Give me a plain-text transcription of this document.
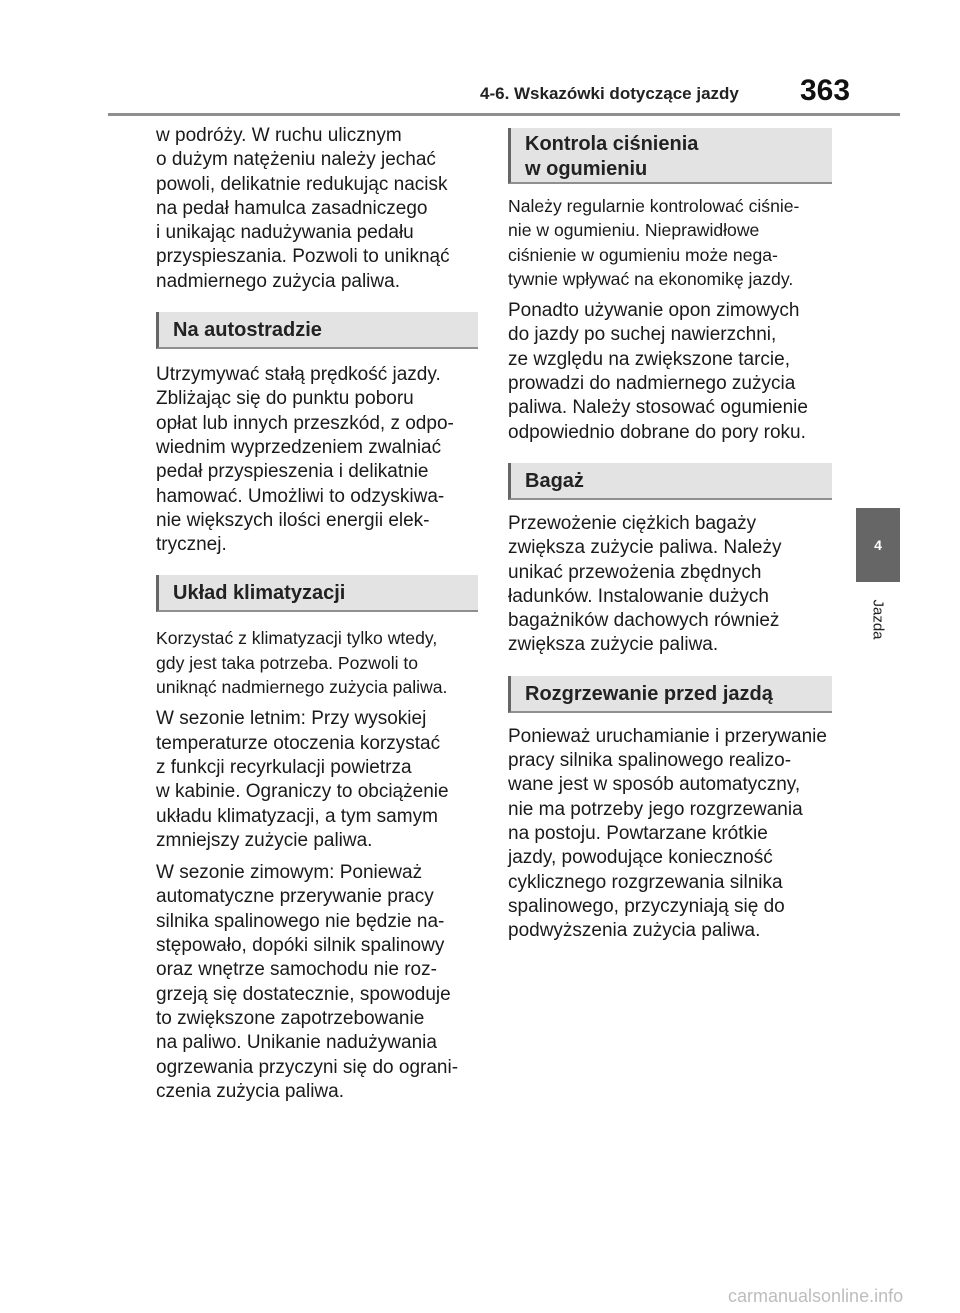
4-6. Wskazówki dotyczące jazdy 363
4
Jazda

w podróży. W ruchu ulicznym
o dużym natężeniu należy jechać
powoli, delikatnie redukując nacisk
na pedał hamulca zasadniczego
i unikając nadużywania pedału
przyspieszania. Pozwoli to uniknąć
nadmiernego zużycia paliwa.

Na autostradzie

Utrzymywać stałą prędkość jazdy.
Zbliżając się do punktu poboru
opłat lub innych przeszkód, z odpo-
wiednim wyprzedzeniem zwalniać
pedał przyspieszenia i delikatnie
hamować. Umożliwi to odzyskiwa-
nie większych ilości energii elek-
trycznej.

Układ klimatyzacji

Korzystać z klimatyzacji tylko wtedy,
gdy jest taka potrzeba. Pozwoli to
uniknąć nadmiernego zużycia paliwa.

W sezonie letnim: Przy wysokiej
temperaturze otoczenia korzystać
z funkcji recyrkulacji powietrza
w kabinie. Ograniczy to obciążenie
układu klimatyzacji, a tym samym
zmniejszy zużycie paliwa.

W sezonie zimowym: Ponieważ
automatyczne przerywanie pracy
silnika spalinowego nie będzie na-
stępowało, dopóki silnik spalinowy
oraz wnętrze samochodu nie roz-
grzeją się dostatecznie, spowoduje
to zwiększone zapotrzebowanie
na paliwo. Unikanie nadużywania
ogrzewania przyczyni się do ograni-
czenia zużycia paliwa.

Kontrola ciśnienia
w ogumieniu

Należy regularnie kontrolować ciśnie-
nie w ogumieniu. Nieprawidłowe
ciśnienie w ogumieniu może nega-
tywnie wpływać na ekonomikę jazdy.

Ponadto używanie opon zimowych
do jazdy po suchej nawierzchni,
ze względu na zwiększone tarcie,
prowadzi do nadmiernego zużycia
paliwa. Należy stosować ogumienie
odpowiednio dobrane do pory roku.

Bagaż

Przewożenie ciężkich bagaży
zwiększa zużycie paliwa. Należy
unikać przewożenia zbędnych
ładunków. Instalowanie dużych
bagażników dachowych również
zwiększa zużycie paliwa.

Rozgrzewanie przed jazdą

Ponieważ uruchamianie i przerywanie
pracy silnika spalinowego realizo-
wane jest w sposób automatyczny,
nie ma potrzeby jego rozgrzewania
na postoju. Powtarzane krótkie
jazdy, powodujące konieczność
cyklicznego rozgrzewania silnika
spalinowego, przyczyniają się do
podwyższenia zużycia paliwa.

carmanualsonline.info
